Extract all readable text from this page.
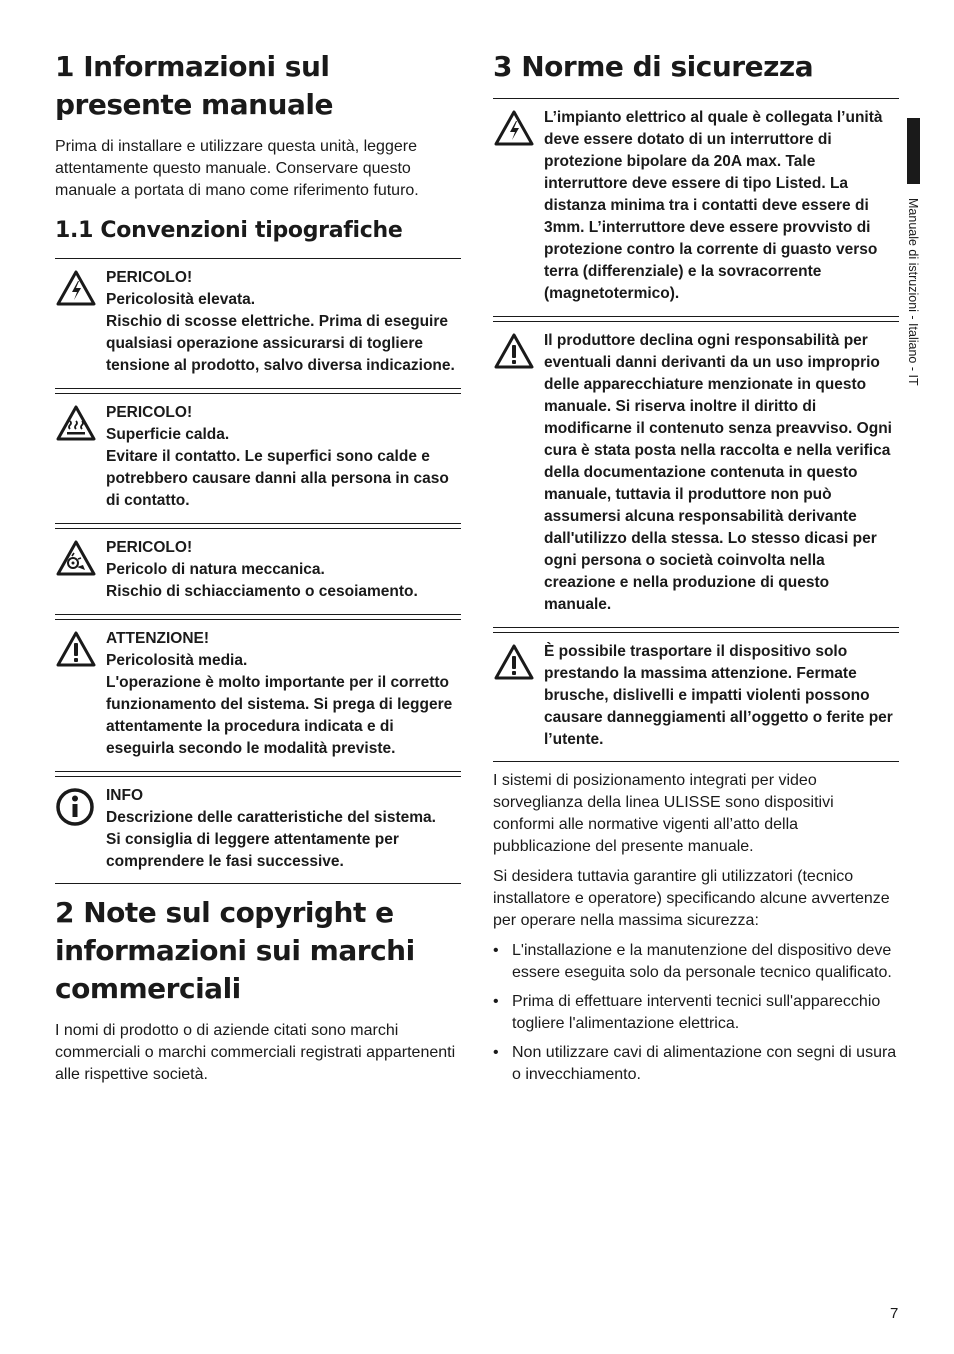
1 Informazioni sul presente manuale

Prima di installare e utilizzare questa unità, leggere attentamente questo manuale. Conservare questo manuale a portata di mano come riferimento futuro.

1.1 Convenzioni tipografiche
PERICOLO!
Pericolosità elevata.
Rischio di scosse elettriche. Prima di eseguire qualsiasi operazione assicurarsi di togliere tensione al prodotto, salvo diversa indicazione.
PERICOLO!
Superficie calda.
Evitare il contatto. Le superfici sono calde e potrebbero causare danni alla persona in caso di contatto.
PERICOLO!
Pericolo di natura meccanica.
Rischio di schiacciamento o cesoiamento.
ATTENZIONE!
Pericolosità media.
L'operazione è molto importante per il corretto funzionamento del sistema. Si prega di leggere attentamente la procedura indicata e di eseguirla secondo le modalità previste.
INFO
Descrizione delle caratteristiche del sistema.
Si consiglia di leggere attentamente per comprendere le fasi successive.
2 Note sul copyright e informazioni sui marchi commerciali

I nomi di prodotto o di aziende citati sono marchi commerciali o marchi commerciali registrati appartenenti alle rispettive società.

3 Norme di sicurezza
L’impianto elettrico al quale è collegata l’unità deve essere dotato di un interruttore di protezione bipolare da 20A max. Tale interruttore deve essere di tipo Listed. La distanza minima tra i contatti deve essere di 3mm. L’interruttore deve essere provvisto di protezione contro la corrente di guasto verso terra (differenziale) e la sovracorrente (magnetotermico).
Il produttore declina ogni responsabilità per eventuali danni derivanti da un uso improprio delle apparecchiature menzionate in questo manuale. Si riserva inoltre il diritto di modificarne il contenuto senza preavviso. Ogni cura è stata posta nella raccolta e nella verifica della documentazione contenuta in questo manuale, tuttavia il produttore non può assumersi alcuna responsabilità derivante dall'utilizzo della stessa. Lo stesso dicasi per ogni persona o società coinvolta nella creazione e nella produzione di questo manuale.
È possibile trasportare il dispositivo solo prestando la massima attenzione. Fermate brusche, dislivelli e impatti violenti possono causare danneggiamenti all’oggetto o ferite per l’utente.

I sistemi di posizionamento integrati per video sorveglianza della linea ULISSE sono dispositivi conformi alle normative vigenti all’atto della pubblicazione del presente manuale.

Si desidera tuttavia garantire gli utilizzatori (tecnico installatore e operatore) specificando alcune avvertenze per operare nella massima sicurezza:

• L'installazione e la manutenzione del dispositivo deve essere eseguita solo da personale tecnico qualificato.
• Prima di effettuare interventi tecnici sull'apparecchio togliere l'alimentazione elettrica.
• Non utilizzare cavi di alimentazione con segni di usura o invecchiamento.
Manuale di istruzioni - Italiano - IT
7
